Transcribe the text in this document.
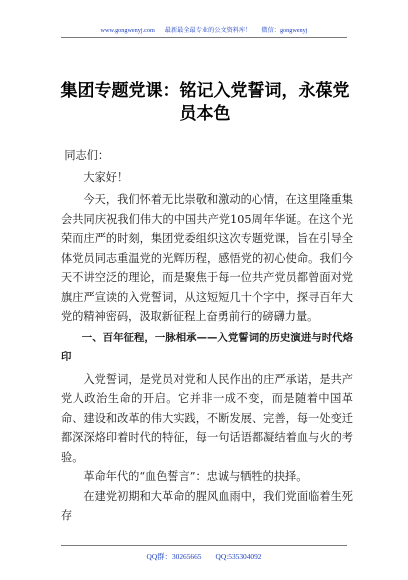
www.gongwenyj.com 最新最全最专业的公文资料库！ 微信：gongwenyj
集团专题党课：铭记入党誓词，永葆党员本色

同志们：

大家好！

今天，我们怀着无比崇敬和激动的心情，在这里隆重集会共同庆祝我们伟大的中国共产党105周年华诞。在这个光荣而庄严的时刻，集团党委组织这次专题党课，旨在引导全体党员同志重温党的光辉历程，感悟党的初心使命。我们今天不讲空泛的理论，而是聚焦于每一位共产党员都曾面对党旗庄严宣读的入党誓词，从这短短几十个字中，探寻百年大党的精神密码，汲取新征程上奋勇前行的磅礴力量。

一、百年征程，一脉相承——入党誓词的历史演进与时代烙印

入党誓词，是党员对党和人民作出的庄严承诺，是共产党人政治生命的开启。它并非一成不变，而是随着中国革命、建设和改革的伟大实践，不断发展、完善，每一处变迁都深深烙印着时代的特征，每一句话语都凝结着血与火的考验。

革命年代的“血色誓言”：忠诚与牺牲的抉择。

在建党初期和大革命的腥风血雨中，我们党面临着生死存

QQ群：30265665 QQ:535304092
